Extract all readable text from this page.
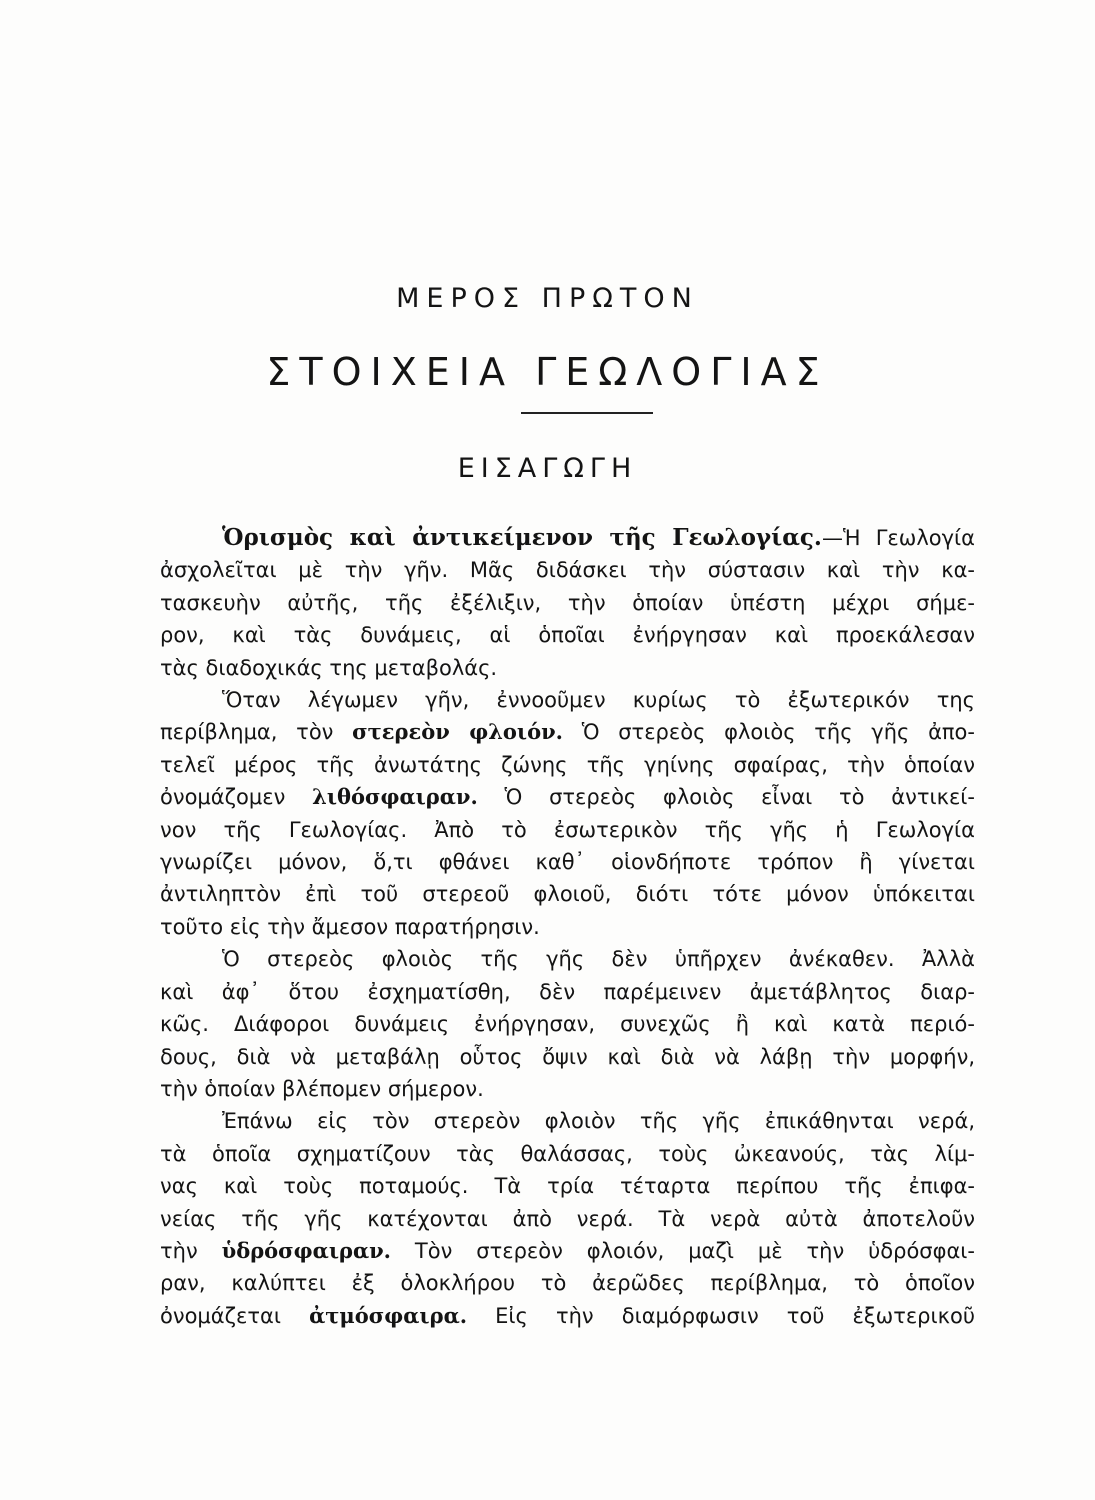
ΜΕΡΟΣ ΠΡΩΤΟΝ
ΣΤΟΙΧΕΙΑ ΓΕΩΛΟΓΙΑΣ
ΕΙΣΑΓΩΓΗ
Ὁρισμὸς καὶ ἀντικείμενον τῆς Γεωλογίας.—Ἡ Γεωλογία
ἀσχολεῖται μὲ τὴν γῆν. Μᾶς διδάσκει τὴν σύστασιν καὶ τὴν κα-
τασκευὴν αὐτῆς, τῆς ἐξέλιξιν, τὴν ὁποίαν ὑπέστη μέχρι σήμε-
ρον, καὶ τὰς δυνάμεις, αἱ ὁποῖαι ἐνήργησαν καὶ προεκάλεσαν
τὰς διαδοχικάς της μεταβολάς.
Ὅταν λέγωμεν γῆν, ἐννοοῦμεν κυρίως τὸ ἐξωτερικόν της
περίβλημα, τὸν στερεὸν φλοιόν. Ὁ στερεὸς φλοιὸς τῆς γῆς ἀπο-
τελεῖ μέρος τῆς ἀνωτάτης ζώνης τῆς γηίνης σφαίρας, τὴν ὁποίαν
ὀνομάζομεν λιθόσφαιραν. Ὁ στερεὸς φλοιὸς εἶναι τὸ ἀντικεί-
νον τῆς Γεωλογίας. Ἀπὸ τὸ ἐσωτερικὸν τῆς γῆς ἡ Γεωλογία
γνωρίζει μόνον, ὅ,τι φθάνει καθ᾽ οἱονδήποτε τρόπον ἢ γίνεται
ἀντιληπτὸν ἐπὶ τοῦ στερεοῦ φλοιοῦ, διότι τότε μόνον ὑπόκειται
τοῦτο εἰς τὴν ἄμεσον παρατήρησιν.
Ὁ στερεὸς φλοιὸς τῆς γῆς δὲν ὑπῆρχεν ἀνέκαθεν. Ἀλλὰ
καὶ ἀφ᾽ ὅτου ἐσχηματίσθη, δὲν παρέμεινεν ἀμετάβλητος διαρ-
κῶς. Διάφοροι δυνάμεις ἐνήργησαν, συνεχῶς ἢ καὶ κατὰ περιό-
δους, διὰ νὰ μεταβάλῃ οὗτος ὄψιν καὶ διὰ νὰ λάβῃ τὴν μορφήν,
τὴν ὁποίαν βλέπομεν σήμερον.
Ἐπάνω εἰς τὸν στερεὸν φλοιὸν τῆς γῆς ἐπικάθηνται νερά,
τὰ ὁποῖα σχηματίζουν τὰς θαλάσσας, τοὺς ὠκεανούς, τὰς λίμ-
νας καὶ τοὺς ποταμούς. Τὰ τρία τέταρτα περίπου τῆς ἐπιφα-
νείας τῆς γῆς κατέχονται ἀπὸ νερά. Τὰ νερὰ αὐτὰ ἀποτελοῦν
τὴν ὑδρόσφαιραν. Τὸν στερεὸν φλοιόν, μαζὶ μὲ τὴν ὑδρόσφαι-
ραν, καλύπτει ἐξ ὁλοκλήρου τὸ ἀερῶδες περίβλημα, τὸ ὁποῖον
ὀνομάζεται ἀτμόσφαιρα. Εἰς τὴν διαμόρφωσιν τοῦ ἐξωτερικοῦ
